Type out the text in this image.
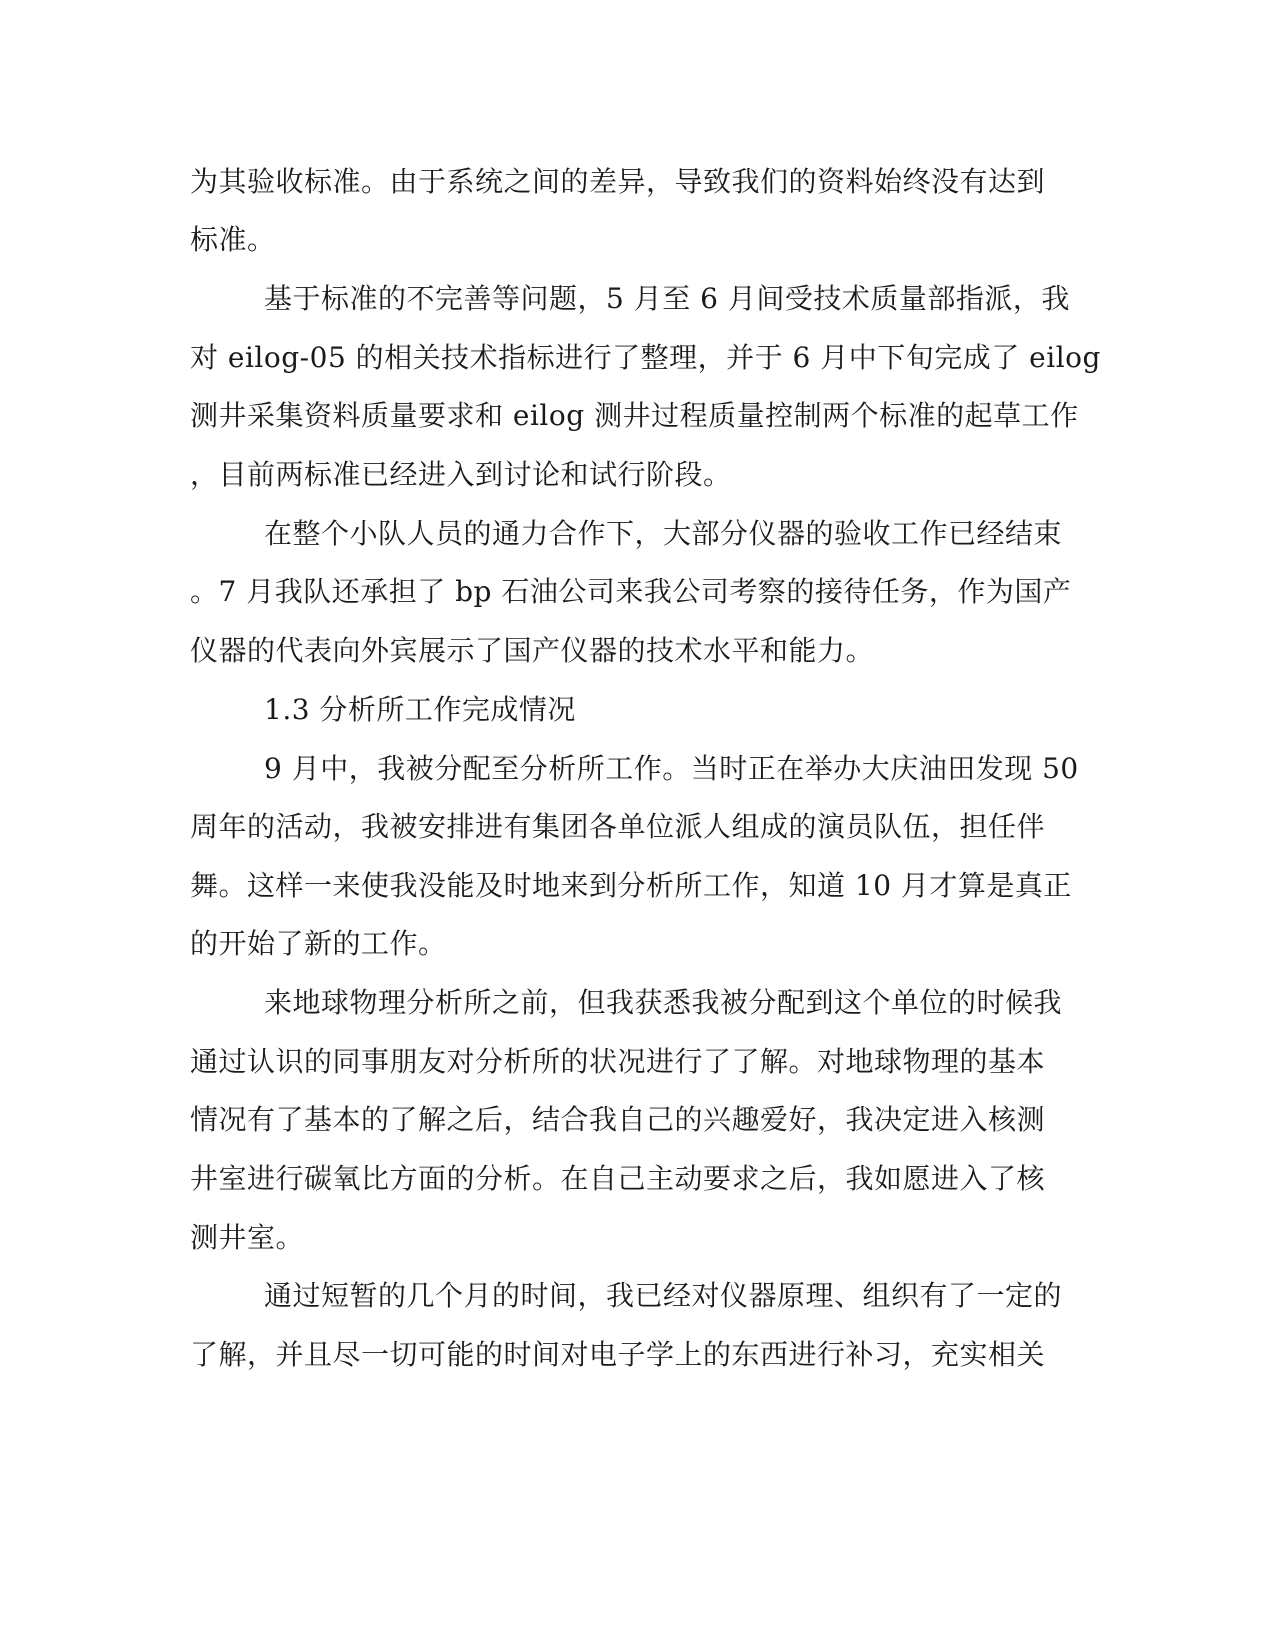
为其验收标准。由于系统之间的差异，导致我们的资料始终没有达到
标准。
基于标准的不完善等问题，5 月至 6 月间受技术质量部指派，我
对 eilog-05 的相关技术指标进行了整理，并于 6 月中下旬完成了 eilog
测井采集资料质量要求和 eilog 测井过程质量控制两个标准的起草工作
，目前两标准已经进入到讨论和试行阶段。
在整个小队人员的通力合作下，大部分仪器的验收工作已经结束
。7 月我队还承担了 bp 石油公司来我公司考察的接待任务，作为国产
仪器的代表向外宾展示了国产仪器的技术水平和能力。
1.3 分析所工作完成情况
9 月中，我被分配至分析所工作。当时正在举办大庆油田发现 50
周年的活动，我被安排进有集团各单位派人组成的演员队伍，担任伴
舞。这样一来使我没能及时地来到分析所工作，知道 10 月才算是真正
的开始了新的工作。
来地球物理分析所之前，但我获悉我被分配到这个单位的时候我
通过认识的同事朋友对分析所的状况进行了了解。对地球物理的基本
情况有了基本的了解之后，结合我自己的兴趣爱好，我决定进入核测
井室进行碳氧比方面的分析。在自己主动要求之后，我如愿进入了核
测井室。
通过短暂的几个月的时间，我已经对仪器原理、组织有了一定的
了解，并且尽一切可能的时间对电子学上的东西进行补习，充实相关
